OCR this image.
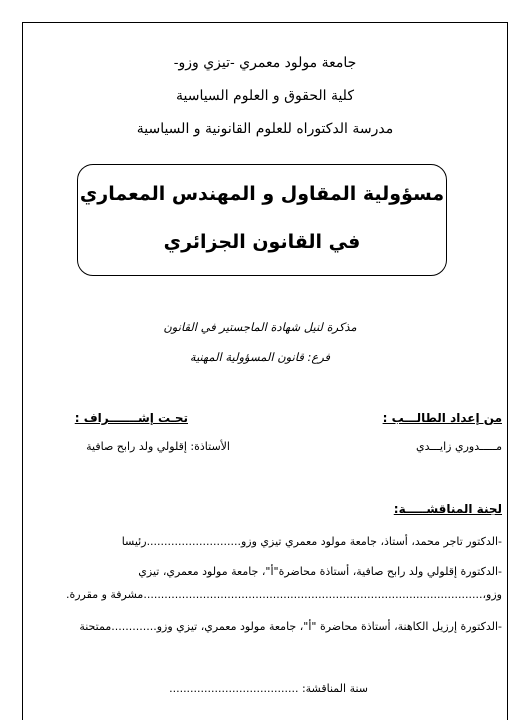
جامعة مولود معمري -تيزي وزو-
كلية الحقوق و العلوم السياسية
مدرسة الدكتوراه للعلوم القانونية و السياسية
مسؤولية المقاول و المهندس المعماري
في القانون الجزائري
مذكرة لنيل شهادة الماجستير في القانون
فرع: قانون المسؤولية المهنية
من إعداد الطالـــب :
تحـت إشـــــــراف :
مـــــدوري زايـــدي
الأستاذة: إقلولي ولد رابح صافية
لجنة المناقشـــــة:
-الدكتور تاجر محمد، أستاذ، جامعة مولود معمري تيزي وزو...........................رئيسا
-الدكتورة إقلولي ولد رابح صافية، أستاذة محاضرة"أ"، جامعة مولود معمري، تيزي
وزو،.................................................................................................مشرفة و مقررة.
-الدكتورة إرزيل الكاهنة، أستاذة محاضرة "أ"، جامعة مولود معمري، تيزي وزو.............ممتحنة
سنة المناقشة: .....................................
